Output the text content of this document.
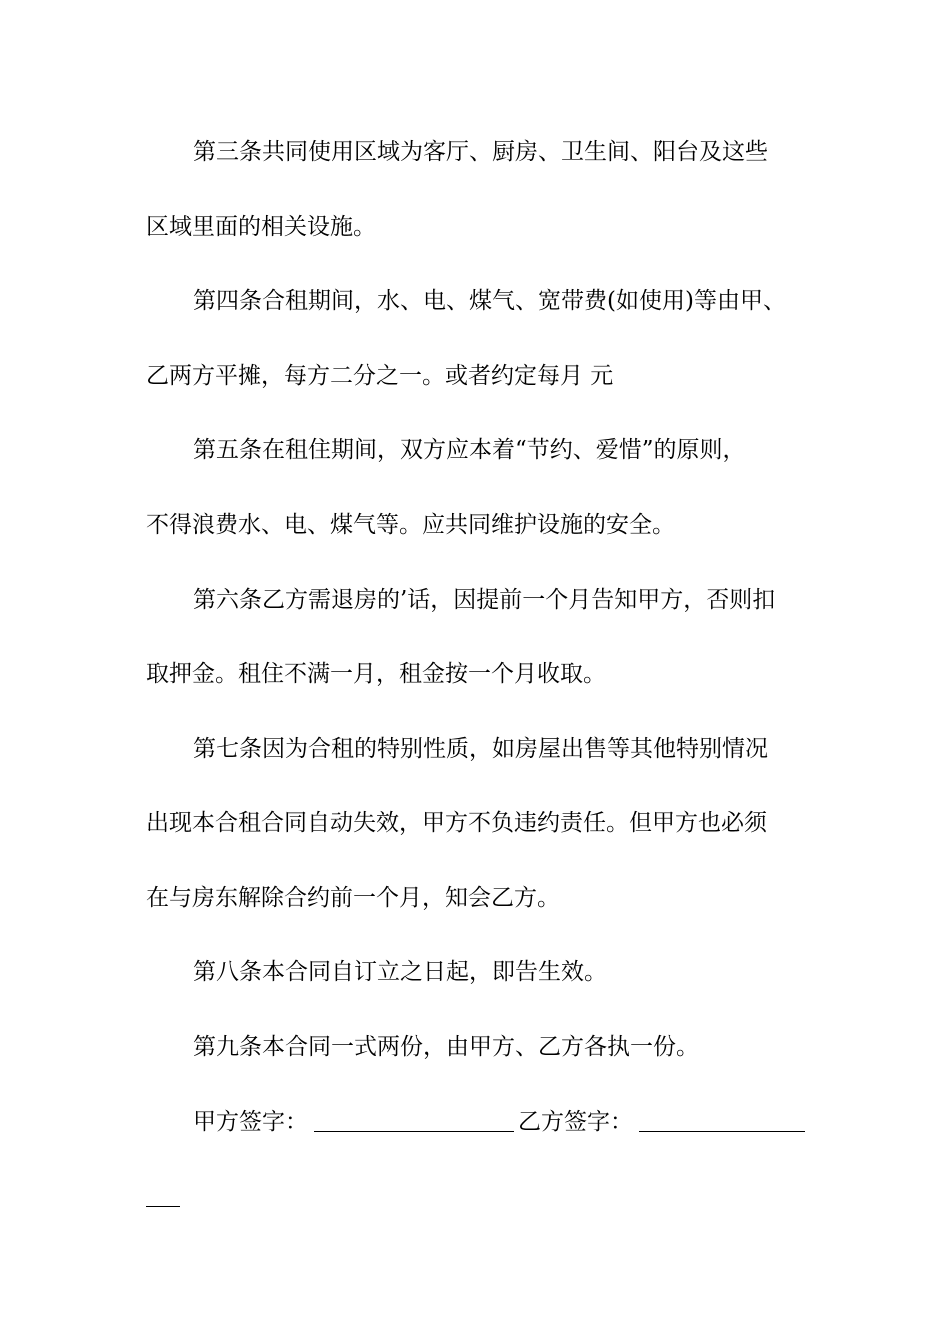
第三条共同使用区域为客厅、厨房、卫生间、阳台及这些
区域里面的相关设施。
第四条合租期间，水、电、煤气、宽带费(如使用)等由甲、
乙两方平摊，每方二分之一。或者约定每月 元
第五条在租住期间，双方应本着“节约、爱惜”的原则，
不得浪费水、电、煤气等。应共同维护设施的安全。
第六条乙方需退房的’话，因提前一个月告知甲方，否则扣
取押金。租住不满一月，租金按一个月收取。
第七条因为合租的特别性质，如房屋出售等其他特别情况
出现本合租合同自动失效，甲方不负违约责任。但甲方也必须
在与房东解除合约前一个月，知会乙方。
第八条本合同自订立之日起，即告生效。
第九条本合同一式两份，由甲方、乙方各执一份。
甲方签字：	乙方签字：
